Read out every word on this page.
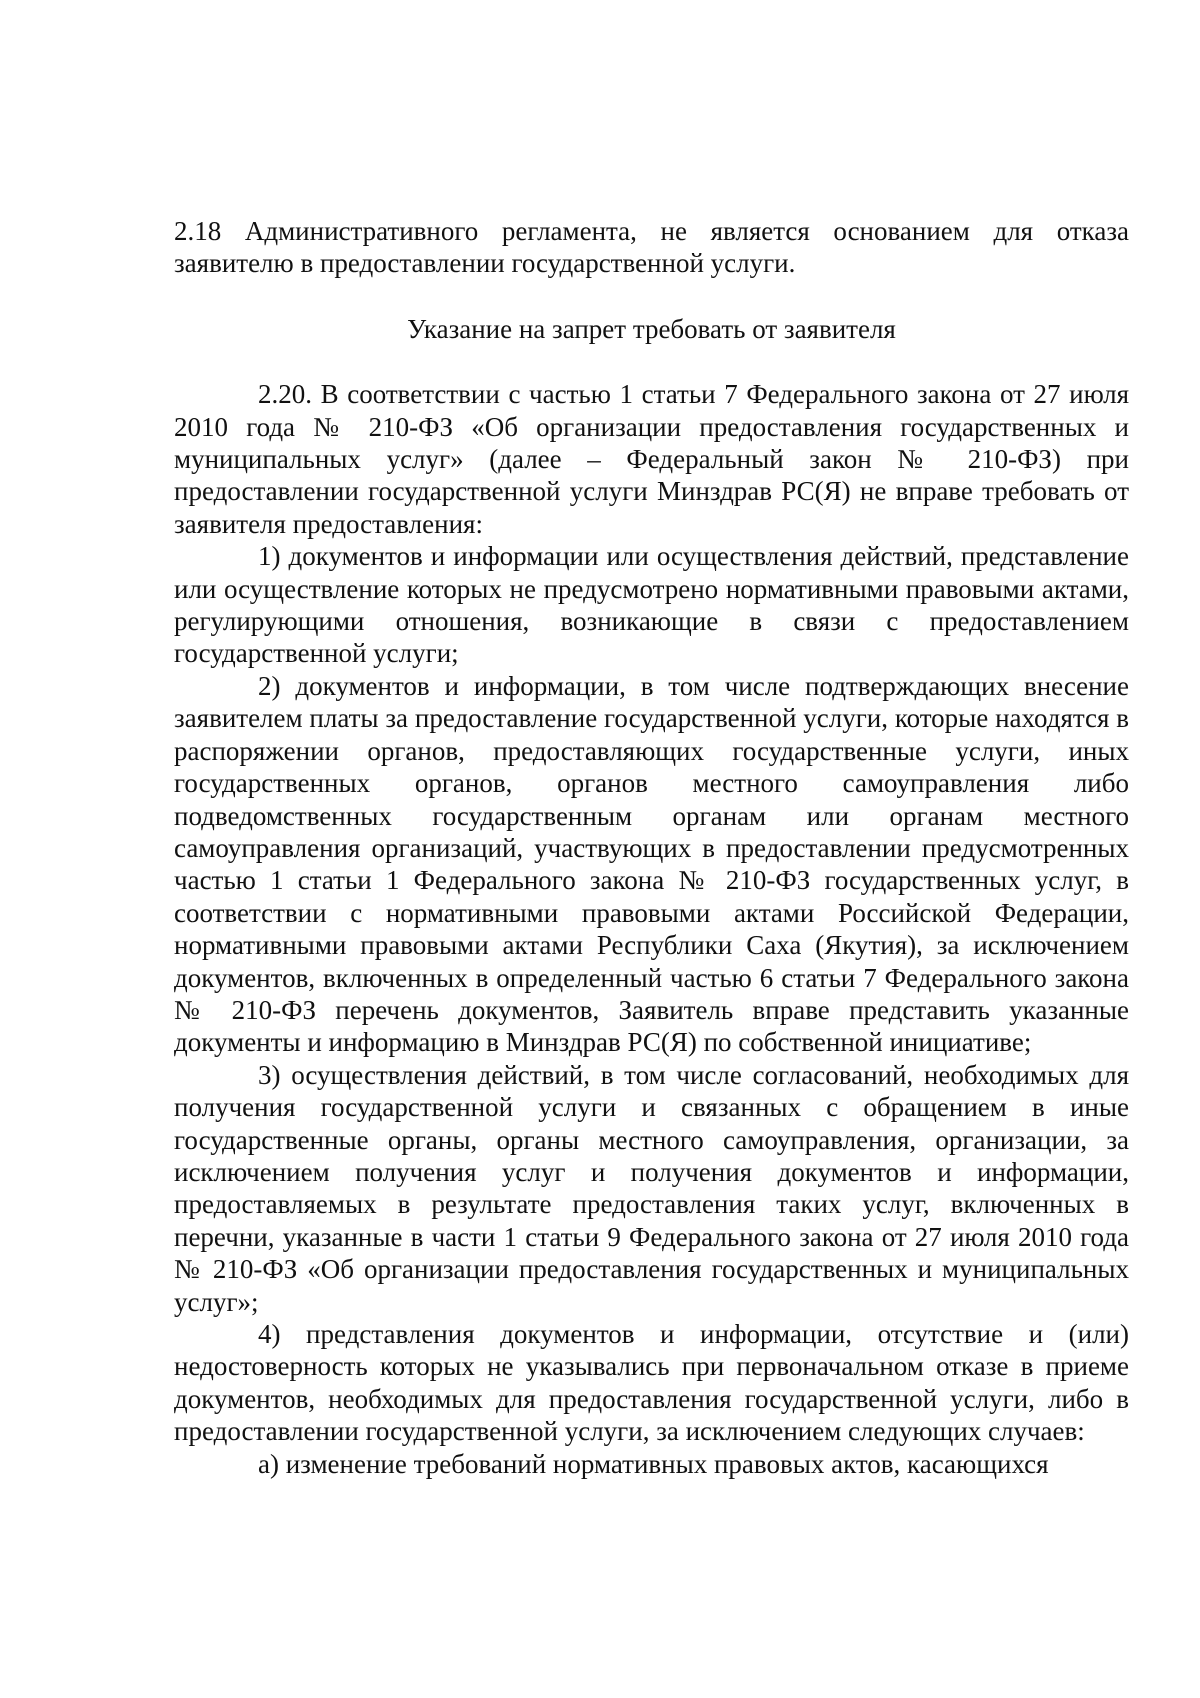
2.18 Административного регламента, не является основанием для отказа заявителю в предоставлении государственной услуги.

Указание на запрет требовать от заявителя

2.20. В соответствии с частью 1 статьи 7 Федерального закона от 27 июля 2010 года № 210-ФЗ «Об организации предоставления государственных и муниципальных услуг» (далее – Федеральный закон № 210-ФЗ) при предоставлении государственной услуги Минздрав РС(Я) не вправе требовать от заявителя предоставления:

1) документов и информации или осуществления действий, представление или осуществление которых не предусмотрено нормативными правовыми актами, регулирующими отношения, возникающие в связи с предоставлением государственной услуги;

2) документов и информации, в том числе подтверждающих внесение заявителем платы за предоставление государственной услуги, которые находятся в распоряжении органов, предоставляющих государственные услуги, иных государственных органов, органов местного самоуправления либо подведомственных государственным органам или органам местного самоуправления организаций, участвующих в предоставлении предусмотренных частью 1 статьи 1 Федерального закона № 210-ФЗ государственных услуг, в соответствии с нормативными правовыми актами Российской Федерации, нормативными правовыми актами Республики Саха (Якутия), за исключением документов, включенных в определенный частью 6 статьи 7 Федерального закона № 210-ФЗ перечень документов, Заявитель вправе представить указанные документы и информацию в Минздрав РС(Я) по собственной инициативе;

3) осуществления действий, в том числе согласований, необходимых для получения государственной услуги и связанных с обращением в иные государственные органы, органы местного самоуправления, организации, за исключением получения услуг и получения документов и информации, предоставляемых в результате предоставления таких услуг, включенных в перечни, указанные в части 1 статьи 9 Федерального закона от 27 июля 2010 года № 210-ФЗ «Об организации предоставления государственных и муниципальных услуг»;

4) представления документов и информации, отсутствие и (или) недостоверность которых не указывались при первоначальном отказе в приеме документов, необходимых для предоставления государственной услуги, либо в предоставлении государственной услуги, за исключением следующих случаев:

а) изменение требований нормативных правовых актов, касающихся
